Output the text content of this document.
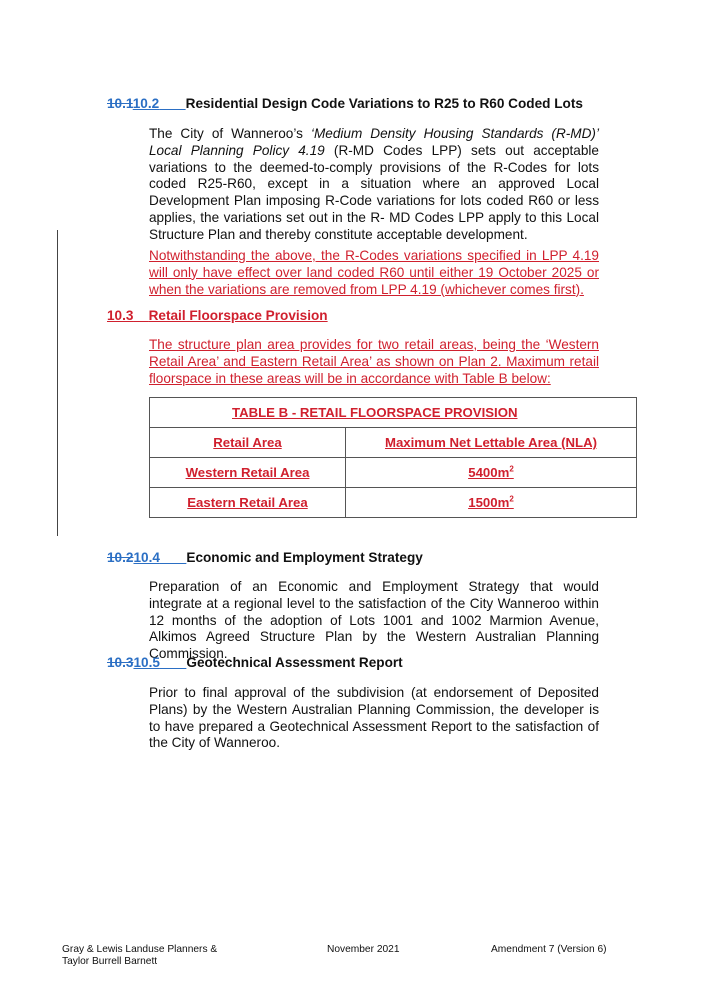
10.110.2 Residential Design Code Variations to R25 to R60 Coded Lots
The City of Wanneroo’s ‘Medium Density Housing Standards (R-MD)’ Local Planning Policy 4.19 (R-MD Codes LPP) sets out acceptable variations to the deemed-to-comply provisions of the R-Codes for lots coded R25-R60, except in a situation where an approved Local Development Plan imposing R-Code variations for lots coded R60 or less applies, the variations set out in the R- MD Codes LPP apply to this Local Structure Plan and thereby constitute acceptable development.
Notwithstanding the above, the R-Codes variations specified in LPP 4.19 will only have effect over land coded R60 until either 19 October 2025 or when the variations are removed from LPP 4.19 (whichever comes first).
10.3 Retail Floorspace Provision
The structure plan area provides for two retail areas, being the ‘Western Retail Area’ and Eastern Retail Area’ as shown on Plan 2. Maximum retail floorspace in these areas will be in accordance with Table B below:
TABLE B - RETAIL FLOORSPACE PROVISION	
Retail Area	Maximum Net Lettable Area (NLA)
Western Retail Area	$5400m^2$
Eastern Retail Area	$1500m^2$
10.210.4 Economic and Employment Strategy
Preparation of an Economic and Employment Strategy that would integrate at a regional level to the satisfaction of the City Wanneroo within 12 months of the adoption of Lots 1001 and 1002 Marmion Avenue, Alkimos Agreed Structure Plan by the Western Australian Planning Commission.
10.310.5 Geotechnical Assessment Report
Prior to final approval of the subdivision (at endorsement of Deposited Plans) by the Western Australian Planning Commission, the developer is to have prepared a Geotechnical Assessment Report to the satisfaction of the City of Wanneroo.
Gray & Lewis Landuse Planners &
Taylor Burrell Barnett
November 2021	Amendment 7 (Version 6)
